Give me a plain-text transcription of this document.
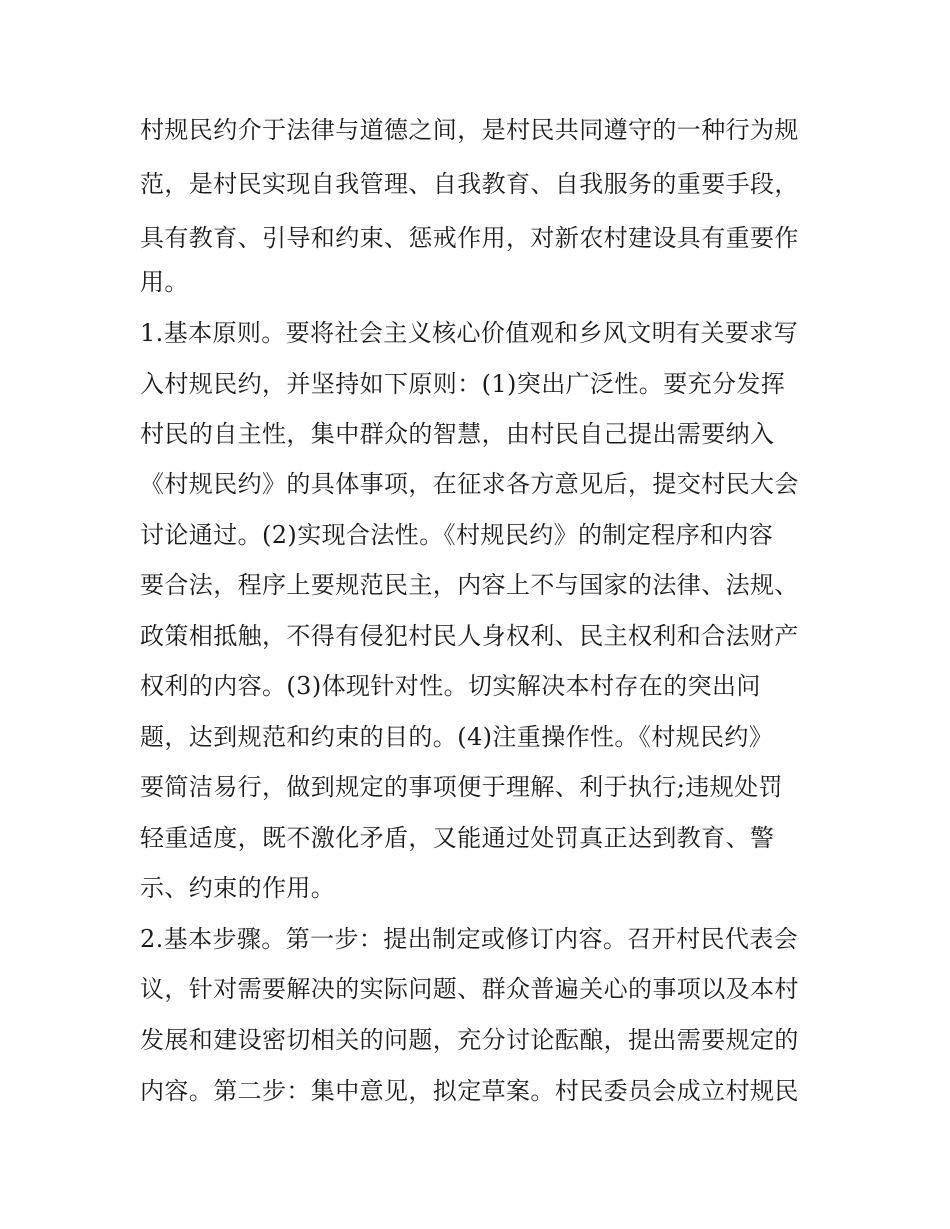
村规民约介于法律与道德之间，是村民共同遵守的一种行为规
范，是村民实现自我管理、自我教育、自我服务的重要手段，
具有教育、引导和约束、惩戒作用，对新农村建设具有重要作
用。
1.基本原则。要将社会主义核心价值观和乡风文明有关要求写
入村规民约，并坚持如下原则：(1)突出广泛性。要充分发挥
村民的自主性，集中群众的智慧，由村民自己提出需要纳入
《村规民约》的具体事项，在征求各方意见后，提交村民大会
讨论通过。(2)实现合法性。《村规民约》的制定程序和内容
要合法，程序上要规范民主，内容上不与国家的法律、法规、
政策相抵触，不得有侵犯村民人身权利、民主权利和合法财产
权利的内容。(3)体现针对性。切实解决本村存在的突出问
题，达到规范和约束的目的。(4)注重操作性。《村规民约》
要简洁易行，做到规定的事项便于理解、利于执行;违规处罚
轻重适度，既不激化矛盾，又能通过处罚真正达到教育、警
示、约束的作用。
2.基本步骤。第一步：提出制定或修订内容。召开村民代表会
议，针对需要解决的实际问题、群众普遍关心的事项以及本村
发展和建设密切相关的问题，充分讨论酝酿，提出需要规定的
内容。第二步：集中意见，拟定草案。村民委员会成立村规民
